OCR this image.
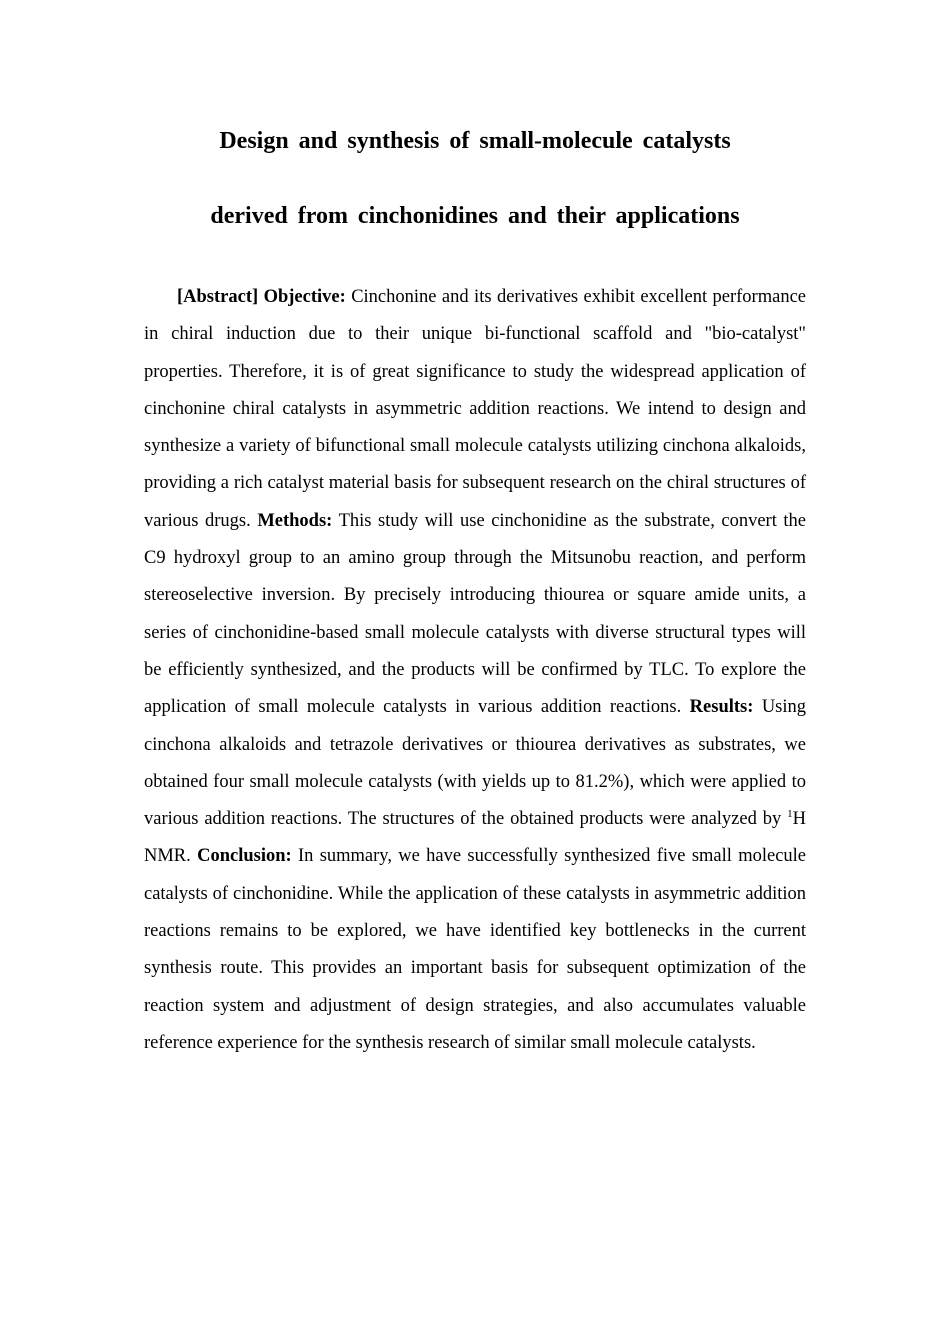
Design and synthesis of small-molecule catalysts
derived from cinchonidines and their applications

[Abstract] Objective: Cinchonine and its derivatives exhibit excellent performance in chiral induction due to their unique bi-functional scaffold and "bio-catalyst" properties. Therefore, it is of great significance to study the widespread application of cinchonine chiral catalysts in asymmetric addition reactions. We intend to design and synthesize a variety of bifunctional small molecule catalysts utilizing cinchona alkaloids, providing a rich catalyst material basis for subsequent research on the chiral structures of various drugs. Methods: This study will use cinchonidine as the substrate, convert the C9 hydroxyl group to an amino group through the Mitsunobu reaction, and perform stereoselective inversion. By precisely introducing thiourea or square amide units, a series of cinchonidine-based small molecule catalysts with diverse structural types will be efficiently synthesized, and the products will be confirmed by TLC. To explore the application of small molecule catalysts in various addition reactions. Results: Using cinchona alkaloids and tetrazole derivatives or thiourea derivatives as substrates, we obtained four small molecule catalysts (with yields up to 81.2%), which were applied to various addition reactions. The structures of the obtained products were analyzed by $^1$H NMR. Conclusion: In summary, we have successfully synthesized five small molecule catalysts of cinchonidine. While the application of these catalysts in asymmetric addition reactions remains to be explored, we have identified key bottlenecks in the current synthesis route. This provides an important basis for subsequent optimization of the reaction system and adjustment of design strategies, and also accumulates valuable reference experience for the synthesis research of similar small molecule catalysts.
